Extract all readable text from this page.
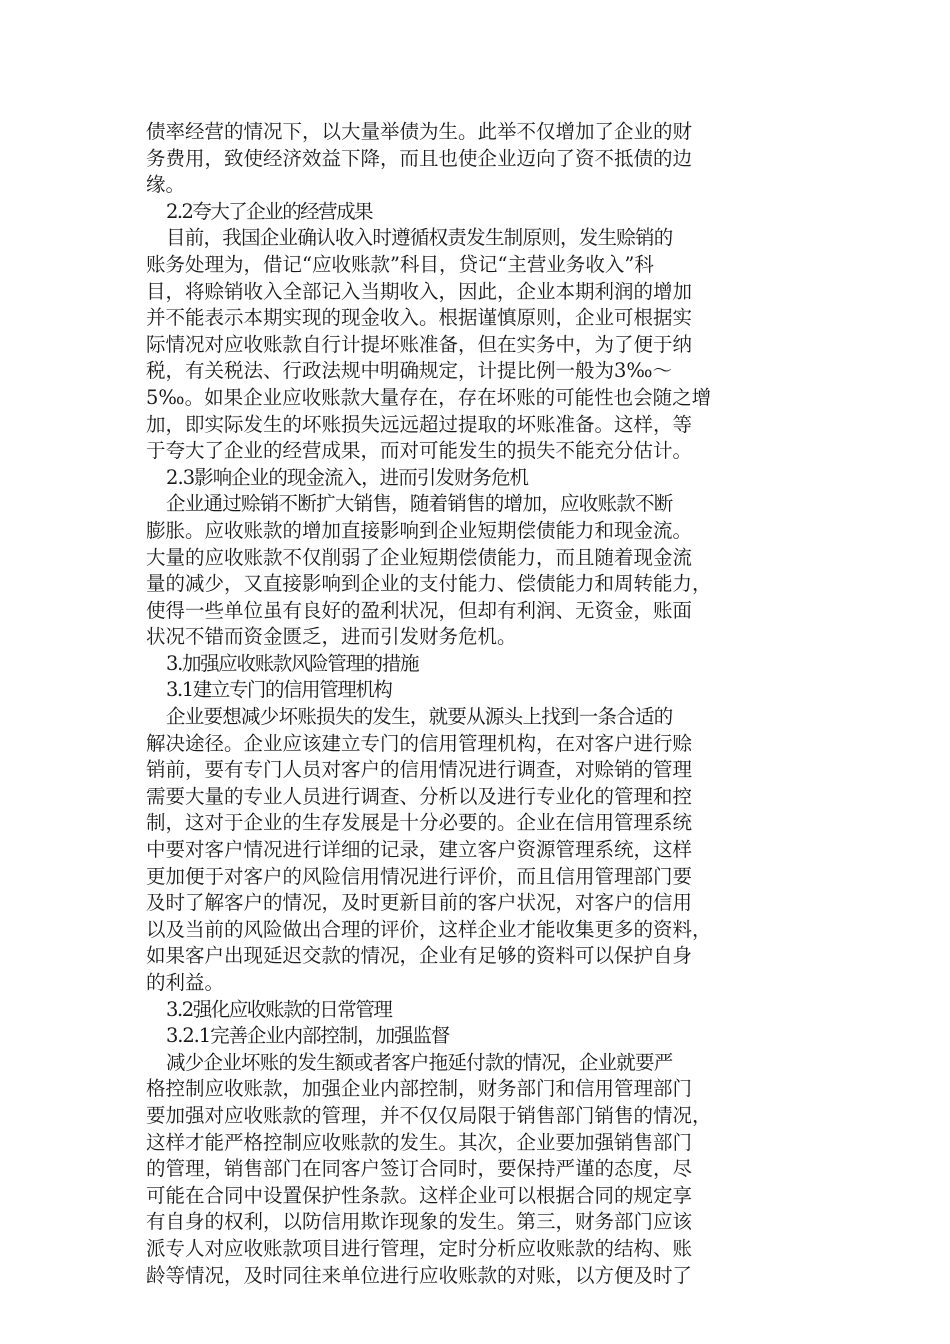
债率经营的情况下，以大量举债为生。此举不仅增加了企业的财
务费用，致使经济效益下降，而且也使企业迈向了资不抵债的边
缘。
2.2夸大了企业的经营成果
目前，我国企业确认收入时遵循权责发生制原则，发生赊销的
账务处理为，借记“应收账款”科目，贷记“主营业务收入”科
目，将赊销收入全部记入当期收入，因此，企业本期利润的增加
并不能表示本期实现的现金收入。根据谨慎原则，企业可根据实
际情况对应收账款自行计提坏账准备，但在实务中，为了便于纳
税，有关税法、行政法规中明确规定，计提比例一般为3‰～
5‰。如果企业应收账款大量存在，存在坏账的可能性也会随之增
加，即实际发生的坏账损失远远超过提取的坏账准备。这样，等
于夸大了企业的经营成果，而对可能发生的损失不能充分估计。
2.3影响企业的现金流入，进而引发财务危机
企业通过赊销不断扩大销售，随着销售的增加，应收账款不断
膨胀。应收账款的增加直接影响到企业短期偿债能力和现金流。
大量的应收账款不仅削弱了企业短期偿债能力，而且随着现金流
量的减少，又直接影响到企业的支付能力、偿债能力和周转能力，
使得一些单位虽有良好的盈利状况，但却有利润、无资金，账面
状况不错而资金匮乏，进而引发财务危机。
3.加强应收账款风险管理的措施
3.1建立专门的信用管理机构
企业要想减少坏账损失的发生，就要从源头上找到一条合适的
解决途径。企业应该建立专门的信用管理机构，在对客户进行赊
销前，要有专门人员对客户的信用情况进行调查，对赊销的管理
需要大量的专业人员进行调查、分析以及进行专业化的管理和控
制，这对于企业的生存发展是十分必要的。企业在信用管理系统
中要对客户情况进行详细的记录，建立客户资源管理系统，这样
更加便于对客户的风险信用情况进行评价，而且信用管理部门要
及时了解客户的情况，及时更新目前的客户状况，对客户的信用
以及当前的风险做出合理的评价，这样企业才能收集更多的资料，
如果客户出现延迟交款的情况，企业有足够的资料可以保护自身
的利益。
3.2强化应收账款的日常管理
3.2.1完善企业内部控制，加强监督
减少企业坏账的发生额或者客户拖延付款的情况，企业就要严
格控制应收账款，加强企业内部控制，财务部门和信用管理部门
要加强对应收账款的管理，并不仅仅局限于销售部门销售的情况，
这样才能严格控制应收账款的发生。其次，企业要加强销售部门
的管理，销售部门在同客户签订合同时，要保持严谨的态度，尽
可能在合同中设置保护性条款。这样企业可以根据合同的规定享
有自身的权利，以防信用欺诈现象的发生。第三，财务部门应该
派专人对应收账款项目进行管理，定时分析应收账款的结构、账
龄等情况，及时同往来单位进行应收账款的对账，以方便及时了
